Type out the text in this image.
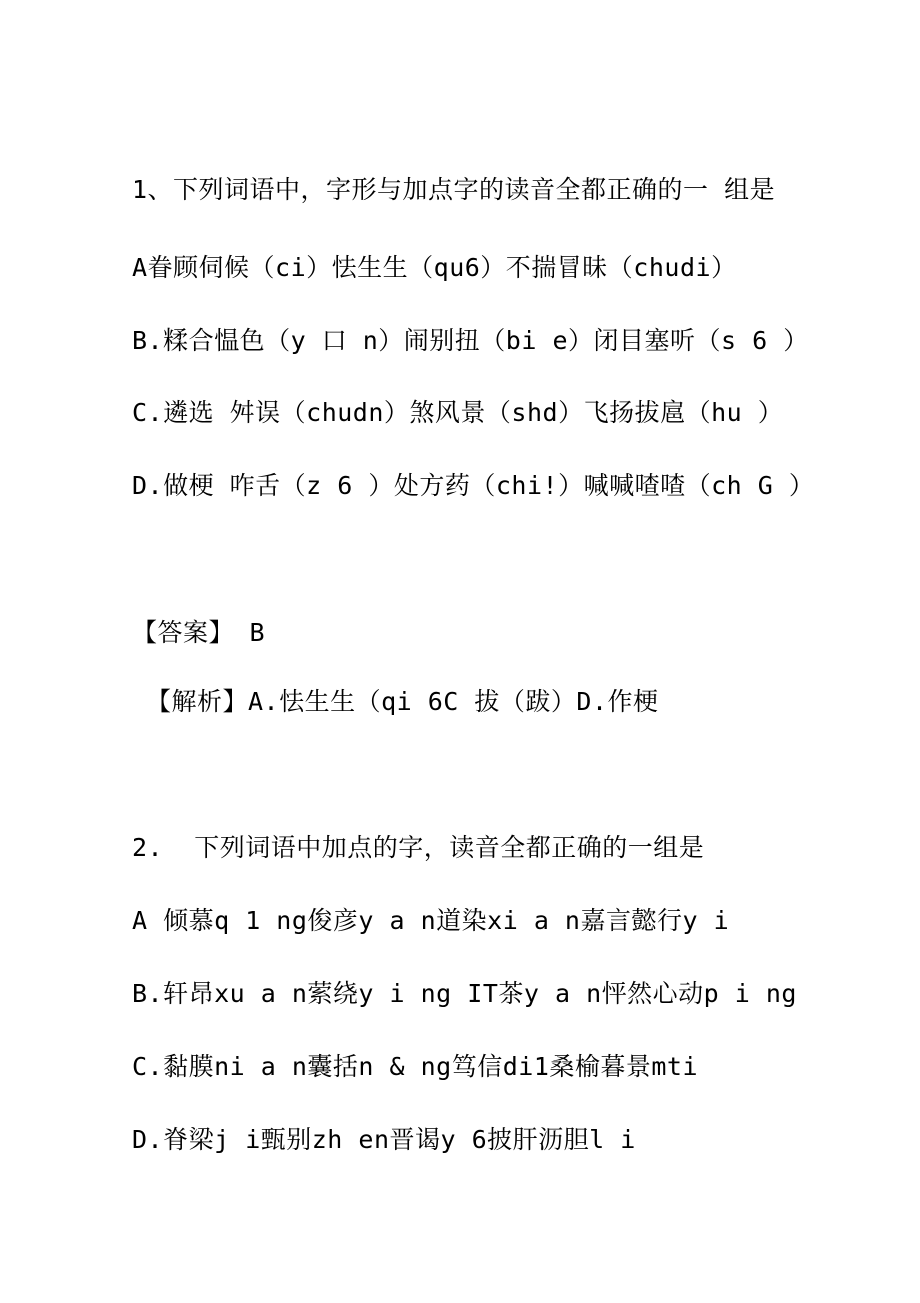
1、下列词语中，字形与加点字的读音全都正确的一 组是
A眷顾伺候（ci）怯生生（qu6）不揣冒昧（chudi）
B.糅合愠色（y 口 n）闹别扭（bi e）闭目塞听（s 6 ）
C.遴选 舛误（chudn）煞风景（shd）飞扬拔扈（hu ）
D.做梗 咋舌（z 6 ）处方药（chi!）喊喊喳喳（ch G ）
【答案】 B
【解析】A.怯生生（qi 6C 拔（跋）D.作梗
2.  下列词语中加点的字，读音全都正确的一组是
A 倾慕q 1 ng俊彦y a n道染xi a n嘉言懿行y i
B.轩昂xu a n萦绕y i ng IT茶y a n怦然心动p i ng
C.黏膜ni a n囊括n & ng笃信di1桑榆暮景mti
D.脊梁j i甄别zh en晋谒y 6披肝沥胆l i
